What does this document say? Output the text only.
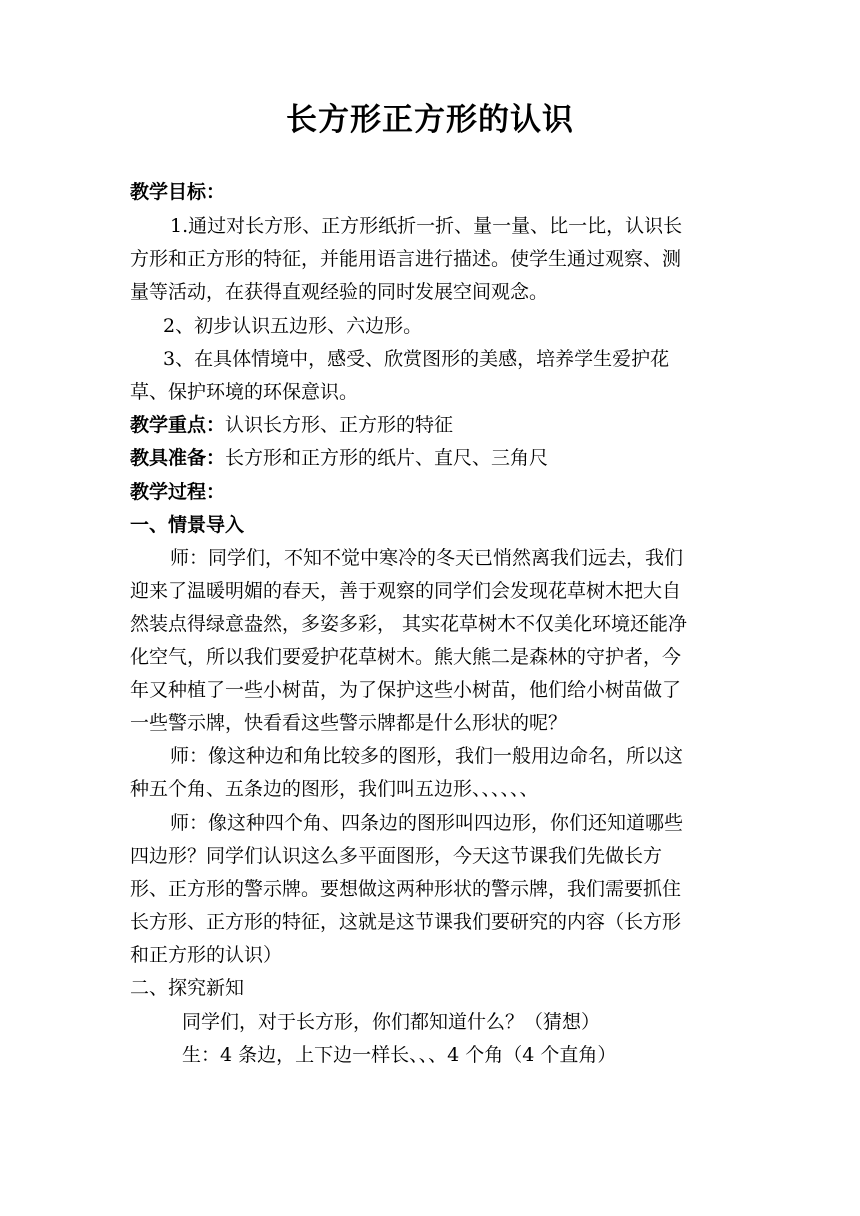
长方形正方形的认识

教学目标：

1.通过对长方形、正方形纸折一折、量一量、比一比，认识长

方形和正方形的特征，并能用语言进行描述。使学生通过观察、测

量等活动，在获得直观经验的同时发展空间观念。

2、初步认识五边形、六边形。

3、在具体情境中，感受、欣赏图形的美感，培养学生爱护花

草、保护环境的环保意识。

教学重点：认识长方形、正方形的特征

教具准备：长方形和正方形的纸片、直尺、三角尺

教学过程：

一、情景导入

师：同学们，不知不觉中寒冷的冬天已悄然离我们远去，我们

迎来了温暖明媚的春天，善于观察的同学们会发现花草树木把大自

然装点得绿意盎然，多姿多彩， 其实花草树木不仅美化环境还能净

化空气，所以我们要爱护花草树木。熊大熊二是森林的守护者，今

年又种植了一些小树苗，为了保护这些小树苗，他们给小树苗做了

一些警示牌，快看看这些警示牌都是什么形状的呢？

师：像这种边和角比较多的图形，我们一般用边命名，所以这

种五个角、五条边的图形，我们叫五边形、、、、、、

师：像这种四个角、四条边的图形叫四边形，你们还知道哪些

四边形？同学们认识这么多平面图形，今天这节课我们先做长方

形、正方形的警示牌。要想做这两种形状的警示牌，我们需要抓住

长方形、正方形的特征，这就是这节课我们要研究的内容（长方形

和正方形的认识）

二、探究新知

同学们，对于长方形，你们都知道什么？（猜想）

生：4 条边，上下边一样长、、、4 个角（4 个直角）
